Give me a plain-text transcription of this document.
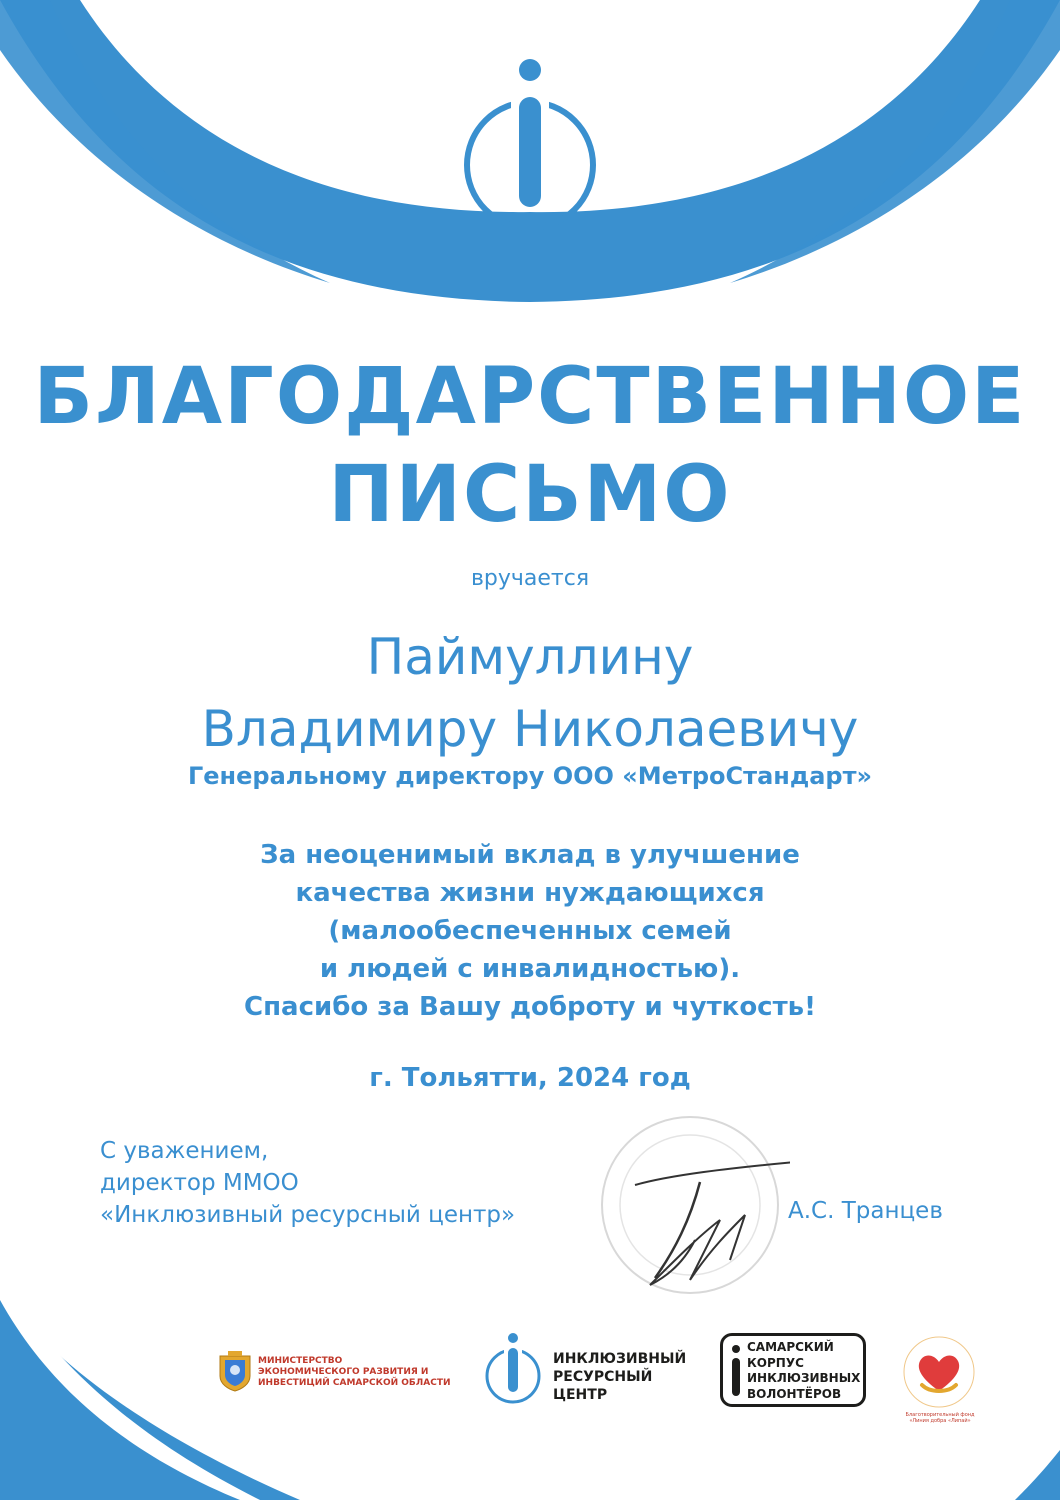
БЛАГОДАРСТВЕННОЕ
ПИСЬМО
вручается
Паймуллину
Владимиру Николаевичу
Генеральному директору ООО «МетроСтандарт»
За неоценимый вклад в улучшение
качества жизни нуждающихся
(малообеспеченных семей
и людей с инвалидностью).
Спасибо за Вашу доброту и чуткость!
г. Тольятти, 2024 год
С уважением,
директор ММОО
«Инклюзивный ресурсный центр»	А.С. Транцев
МИНИСТЕРСТВО
ЭКОНОМИЧЕСКОГО РАЗВИТИЯ И
ИНВЕСТИЦИЙ САМАРСКОЙ ОБЛАСТИ
ИНКЛЮЗИВНЫЙ
РЕСУРСНЫЙ
ЦЕНТР
САМАРСКИЙ
КОРПУС
ИНКЛЮЗИВНЫХ
ВОЛОНТЁРОВ
Благотворительный фонд «Линия добра «Липай»
